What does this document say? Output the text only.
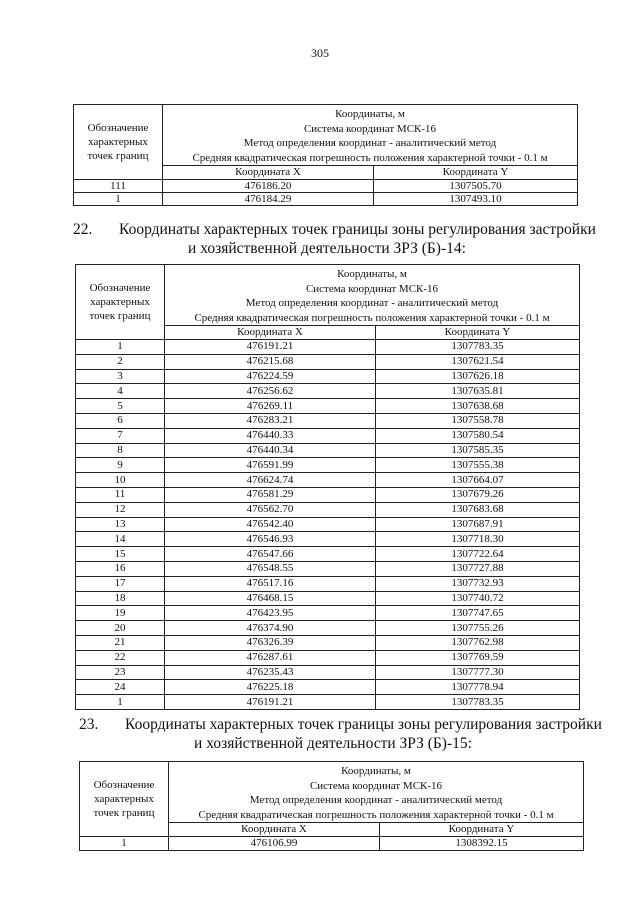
305
Обозначение характерных точек границ	Координаты, м
Система координат МСК-16
Метод определения координат - аналитический метод
Средняя квадратическая погрешность положения характерной точки - 0.1 м	

	Координата X	Координата Y
111	476186.20	1307505.70
1	476184.29	1307493.10
22. Координаты характерных точек границы зоны регулирования застройки
и хозяйственной деятельности ЗРЗ (Б)-14:
Обозначение характерных точек границ	Координаты, м
Система координат МСК-16
Метод определения координат - аналитический метод
Средняя квадратическая погрешность положения характерной точки - 0.1 м	

	Координата X	Координата Y
1	476191.21	1307783.35
2	476215.68	1307621.54
3	476224.59	1307626.18
4	476256.62	1307635.81
5	476269.11	1307638.68
6	476283.21	1307558.78
7	476440.33	1307580.54
8	476440.34	1307585.35
9	476591.99	1307555.38
10	476624.74	1307664.07
11	476581.29	1307679.26
12	476562.70	1307683.68
13	476542.40	1307687.91
14	476546.93	1307718.30
15	476547.66	1307722.64
16	476548.55	1307727.88
17	476517.16	1307732.93
18	476468.15	1307740.72
19	476423.95	1307747.65
20	476374.90	1307755.26
21	476326.39	1307762.98
22	476287.61	1307769.59
23	476235.43	1307777.30
24	476225.18	1307778.94
1	476191.21	1307783.35
23. Координаты характерных точек границы зоны регулирования застройки
и хозяйственной деятельности ЗРЗ (Б)-15:
Обозначение характерных точек границ	Координаты, м
Система координат МСК-16
Метод определения координат - аналитический метод
Средняя квадратическая погрешность положения характерной точки - 0.1 м	

	Координата X	Координата Y
1	476106.99	1308392.15
